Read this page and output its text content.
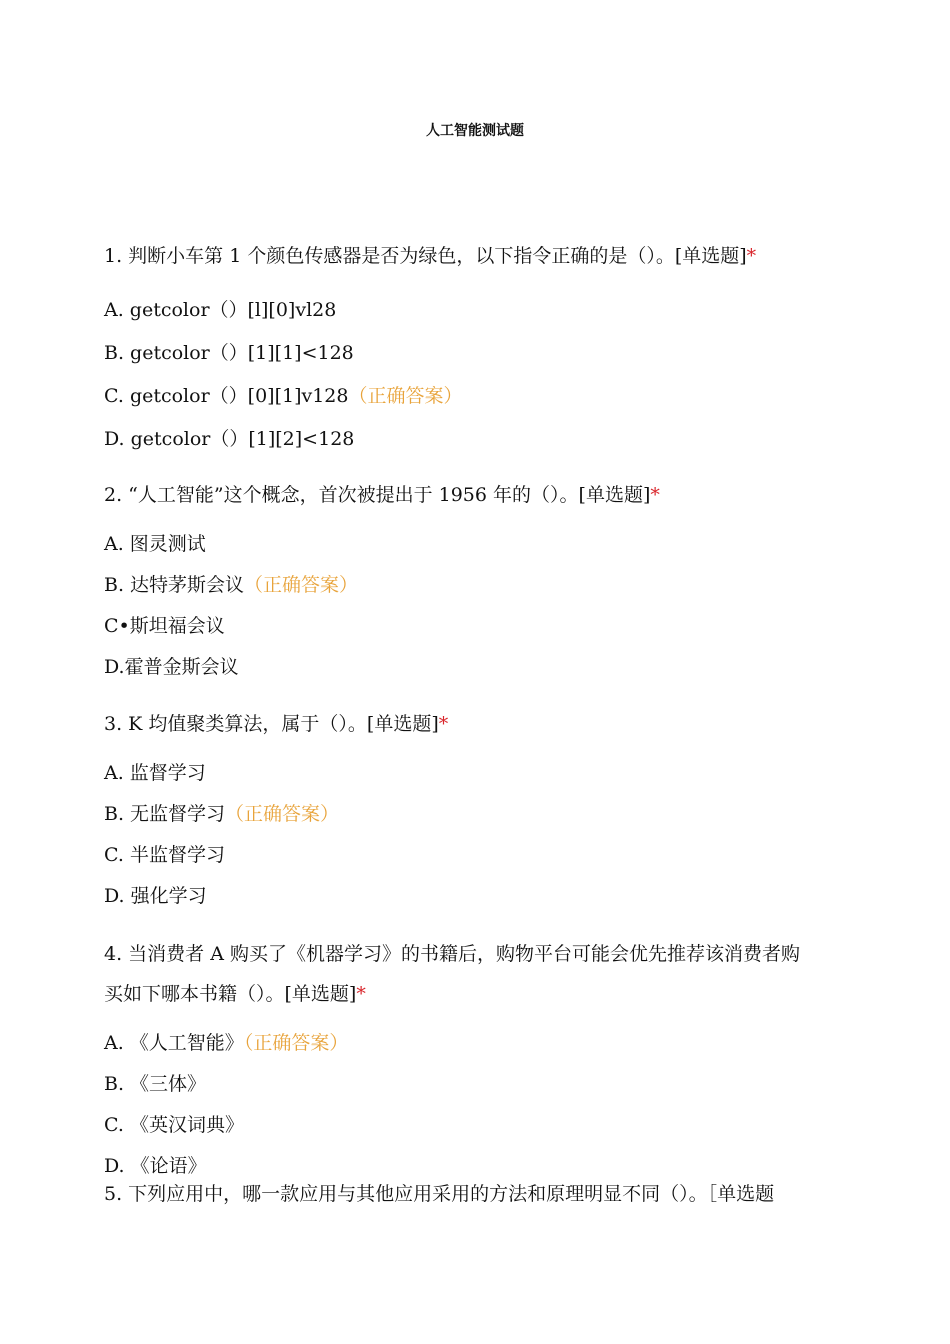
人工智能测试题
1. 判断小车第 1 个颜色传感器是否为绿色，以下指令正确的是（）。[单选题]*
A. getcolor（）[l][0]vl28
B. getcolor（）[1][1]<128
C. getcolor（）[0][1]v128（正确答案）
D. getcolor（）[1][2]<128
2. “人工智能”这个概念，首次被提出于 1956 年的（）。[单选题]*
A. 图灵测试
B. 达特茅斯会议（正确答案）
C•斯坦福会议
D.霍普金斯会议
3. K 均值聚类算法，属于（）。[单选题]*
A. 监督学习
B. 无监督学习（正确答案）
C. 半监督学习
D. 强化学习
4. 当消费者 A 购买了《机器学习》的书籍后，购物平台可能会优先推荐该消费者购
买如下哪本书籍（）。[单选题]*
A. 《人工智能》（正确答案）
B. 《三体》
C. 《英汉词典》
D. 《论语》
5. 下列应用中，哪一款应用与其他应用采用的方法和原理明显不同（）。［单选题
